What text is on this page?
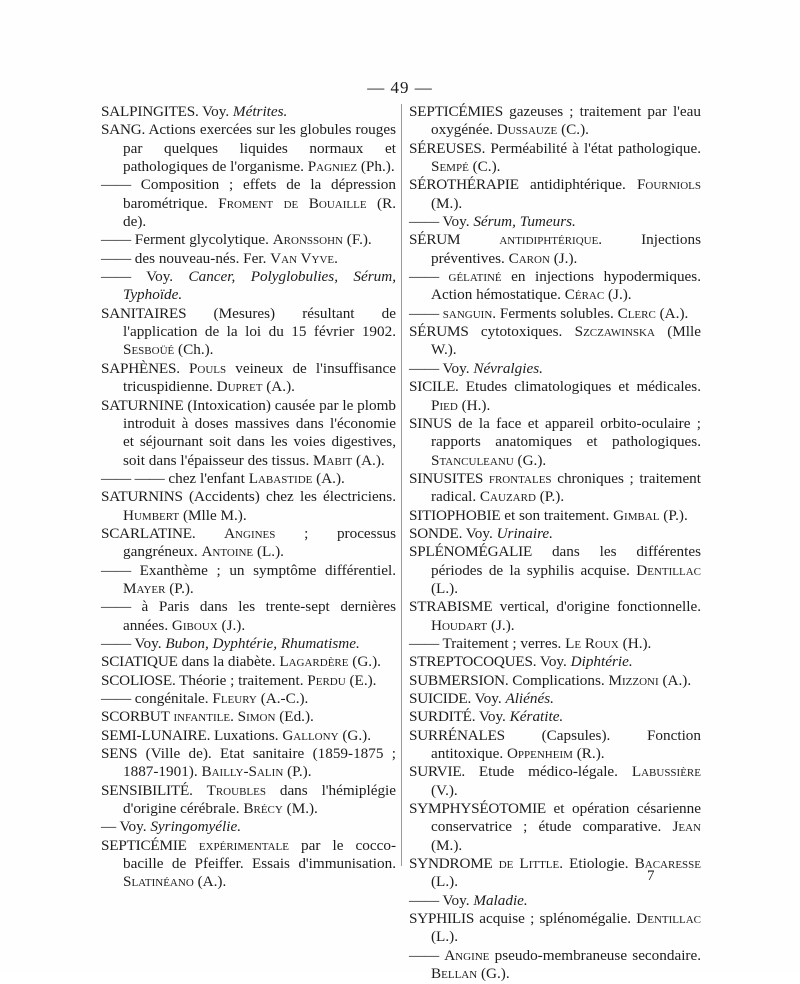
— 49 —

SALPINGITES. Voy. Métrites.

SANG. Actions exercées sur les globules rouges par quelques liquides normaux et pathologiques de l'organisme. Pagniez (Ph.).

—— Composition ; effets de la dépression barométrique. Froment de Bouaille (R. de).

—— Ferment glycolytique. Aronssohn (F.).

—— des nouveau-nés. Fer. Van Vyve.

—— Voy. Cancer, Polyglobulies, Sérum, Typhoïde.

SANITAIRES (Mesures) résultant de l'application de la loi du 15 février 1902. Sesboüé (Ch.).

SAPHÈNES. Pouls veineux de l'insuffisance tricuspidienne. Dupret (A.).

SATURNINE (Intoxication) causée par le plomb introduit à doses massives dans l'économie et séjournant soit dans les voies digestives, soit dans l'épaisseur des tissus. Mabit (A.).

—— —— chez l'enfant Labastide (A.).

SATURNINS (Accidents) chez les électriciens. Humbert (Mlle M.).

SCARLATINE. Angines ; processus gangréneux. Antoine (L.).

—— Exanthème ; un symptôme différentiel. Mayer (P.).

—— à Paris dans les trente-sept dernières années. Giboux (J.).

—— Voy. Bubon, Dyphtérie, Rhumatisme.

SCIATIQUE dans la diabète. Lagardère (G.).

SCOLIOSE. Théorie ; traitement. Perdu (E.).

—— congénitale. Fleury (A.-C.).

SCORBUT infantile. Simon (Ed.).

SEMI-LUNAIRE. Luxations. Gallony (G.).

SENS (Ville de). Etat sanitaire (1859-1875 ; 1887-1901). Bailly-Salin (P.).

SENSIBILITÉ. Troubles dans l'hémiplégie d'origine cérébrale. Brécy (M.).

— Voy. Syringomyélie.

SEPTICÉMIE expérimentale par le cocco-bacille de Pfeiffer. Essais d'immunisation. Slatinéano (A.).

SEPTICÉMIES gazeuses ; traitement par l'eau oxygénée. Dussauze (C.).

SÉREUSES. Perméabilité à l'état pathologique. Sempé (C.).

SÉROTHÉRAPIE antidiphtérique. Fourniols (M.).

—— Voy. Sérum, Tumeurs.

SÉRUM	antidiphtérique. Injections préventives. Caron (J.).

—— gélatiné en injections hypodermiques. Action hémostatique. Cérac (J.).

—— sanguin. Ferments solubles. Clerc (A.).

SÉRUMS cytotoxiques. Szczawinska (Mlle W.).

—— Voy. Névralgies.

SICILE. Etudes climatologiques et médicales. Pied (H.).

SINUS de la face et appareil orbito-oculaire ; rapports anatomiques et pathologiques. Stanculeanu (G.).

SINUSITES frontales chroniques ; traitement radical. Cauzard (P.).

SITIOPHOBIE et son traitement. Gimbal (P.).

SONDE. Voy. Urinaire.

SPLÉNOMÉGALIE dans les différentes périodes de la syphilis acquise. Dentillac (L.).

STRABISME vertical, d'origine fonctionnelle. Houdart (J.).

—— Traitement ; verres. Le Roux (H.).

STREPTOCOQUES. Voy. Diphtérie.

SUBMERSION. Complications. Mizzoni (A.).

SUICIDE. Voy. Aliénés.

SURDITÉ. Voy. Kératite.

SURRÉNALES (Capsules). Fonction antitoxique. Oppenheim (R.).

SURVIE. Etude médico-légale. Labussière (V.).

SYMPHYSÉOTOMIE et opération césarienne conservatrice ; étude comparative. Jean (M.).

SYNDROME de Little. Etiologie. Bacaresse (L.).

—— Voy. Maladie.

SYPHILIS acquise ; splénomégalie. Dentillac (L.).

—— Angine pseudo-membraneuse secondaire. Bellan (G.).

7
